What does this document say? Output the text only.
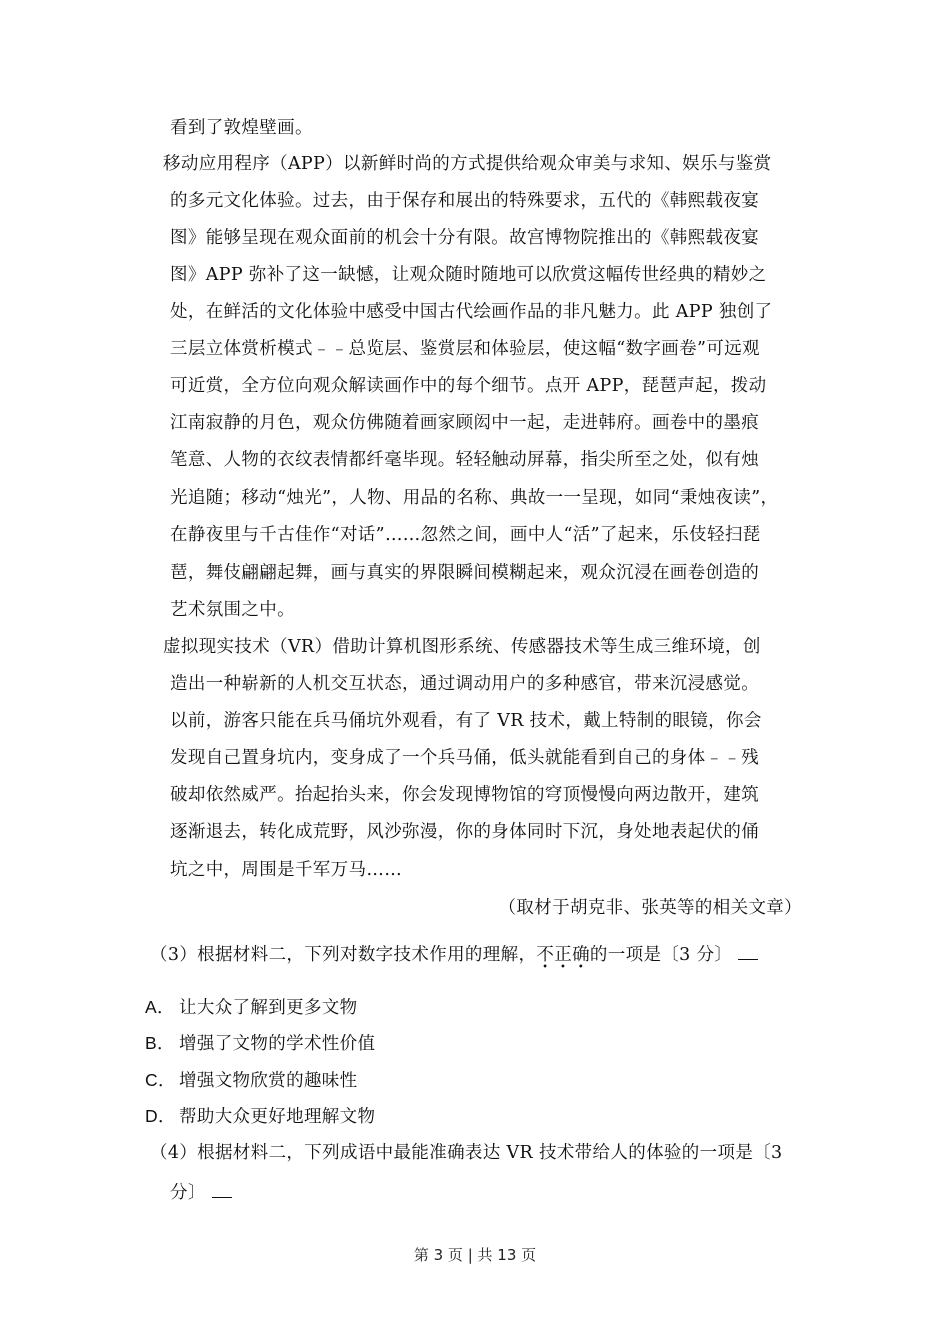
看到了敦煌壁画。
移动应用程序（APP）以新鲜时尚的方式提供给观众审美与求知、娱乐与鉴赏
的多元文化体验。过去，由于保存和展出的特殊要求，五代的《韩熙载夜宴
图》能够呈现在观众面前的机会十分有限。故宫博物院推出的《韩熙载夜宴
图》APP 弥补了这一缺憾，让观众随时随地可以欣赏这幅传世经典的精妙之
处，在鲜活的文化体验中感受中国古代绘画作品的非凡魅力。此 APP 独创了
三层立体赏析模式﹣﹣总览层、鉴赏层和体验层，使这幅“数字画卷”可远观
可近赏，全方位向观众解读画作中的每个细节。点开 APP，琵琶声起，拨动
江南寂静的月色，观众仿佛随着画家顾闳中一起，走进韩府。画卷中的墨痕
笔意、人物的衣纹表情都纤毫毕现。轻轻触动屏幕，指尖所至之处，似有烛
光追随；移动“烛光”，人物、用品的名称、典故一一呈现，如同“秉烛夜读”，
在静夜里与千古佳作“对话”……忽然之间，画中人“活”了起来，乐伎轻扫琵
琶，舞伎翩翩起舞，画与真实的界限瞬间模糊起来，观众沉浸在画卷创造的
艺术氛围之中。
虚拟现实技术（VR）借助计算机图形系统、传感器技术等生成三维环境，创
造出一种崭新的人机交互状态，通过调动用户的多种感官，带来沉浸感觉。
以前，游客只能在兵马俑坑外观看，有了 VR 技术，戴上特制的眼镜，你会
发现自己置身坑内，变身成了一个兵马俑，低头就能看到自己的身体﹣﹣残
破却依然威严。抬起抬头来，你会发现博物馆的穹顶慢慢向两边散开，建筑
逐渐退去，转化成荒野，风沙弥漫，你的身体同时下沉，身处地表起伏的俑
坑之中，周围是千军万马……
（取材于胡克非、张英等的相关文章）
（3）根据材料二，下列对数字技术作用的理解，不正确的一项是〔3 分〕
A． 让大众了解到更多文物
B． 增强了文物的学术性价值
C． 增强文物欣赏的趣味性
D． 帮助大众更好地理解文物
（4）根据材料二，下列成语中最能准确表达 VR 技术带给人的体验的一项是〔3
分〕
第 3 页 | 共 13 页
